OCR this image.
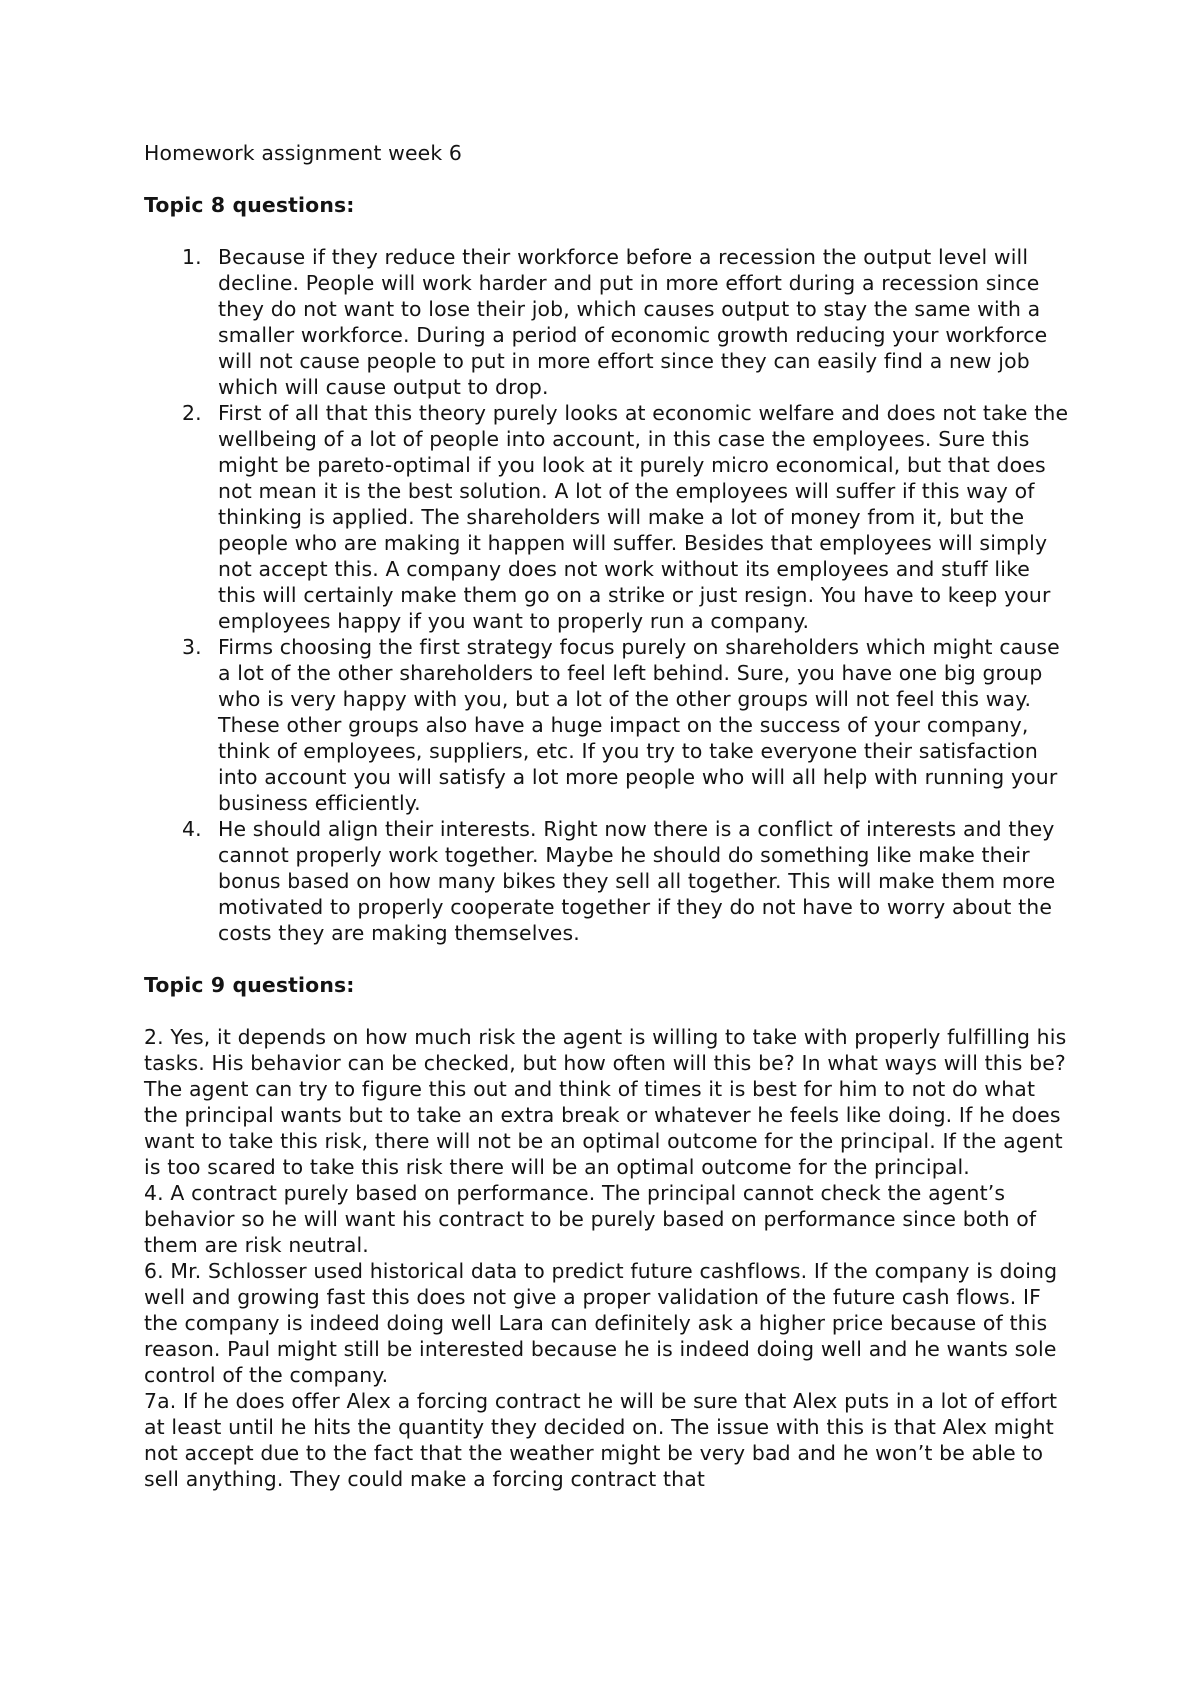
Homework assignment week 6

Topic 8 questions:

1. Because if they reduce their workforce before a recession the output level will decline. People will work harder and put in more effort during a recession since they do not want to lose their job, which causes output to stay the same with a smaller workforce. During a period of economic growth reducing your workforce will not cause people to put in more effort since they can easily find a new job which will cause output to drop.
2. First of all that this theory purely looks at economic welfare and does not take the wellbeing of a lot of people into account, in this case the employees. Sure this might be pareto-optimal if you look at it purely micro economical, but that does not mean it is the best solution. A lot of the employees will suffer if this way of thinking is applied. The shareholders will make a lot of money from it, but the people who are making it happen will suffer. Besides that employees will simply not accept this. A company does not work without its employees and stuff like this will certainly make them go on a strike or just resign. You have to keep your employees happy if you want to properly run a company.
3. Firms choosing the first strategy focus purely on shareholders which might cause a lot of the other shareholders to feel left behind. Sure, you have one big group who is very happy with you, but a lot of the other groups will not feel this way. These other groups also have a huge impact on the success of your company, think of employees, suppliers, etc. If you try to take everyone their satisfaction into account you will satisfy a lot more people who will all help with running your business efficiently.
4. He should align their interests. Right now there is a conflict of interests and they cannot properly work together. Maybe he should do something like make their bonus based on how many bikes they sell all together. This will make them more motivated to properly cooperate together if they do not have to worry about the costs they are making themselves.

Topic 9 questions:

2. Yes, it depends on how much risk the agent is willing to take with properly fulfilling his tasks. His behavior can be checked, but how often will this be? In what ways will this be? The agent can try to figure this out and think of times it is best for him to not do what the principal wants but to take an extra break or whatever he feels like doing. If he does want to take this risk, there will not be an optimal outcome for the principal. If the agent is too scared to take this risk there will be an optimal outcome for the principal.

4. A contract purely based on performance. The principal cannot check the agent’s behavior so he will want his contract to be purely based on performance since both of them are risk neutral.

6. Mr. Schlosser used historical data to predict future cashflows. If the company is doing well and growing fast this does not give a proper validation of the future cash flows. IF the company is indeed doing well Lara can definitely ask a higher price because of this reason. Paul might still be interested because he is indeed doing well and he wants sole control of the company.

7a. If he does offer Alex a forcing contract he will be sure that Alex puts in a lot of effort at least until he hits the quantity they decided on. The issue with this is that Alex might not accept due to the fact that the weather might be very bad and he won’t be able to sell anything. They could make a forcing contract that
